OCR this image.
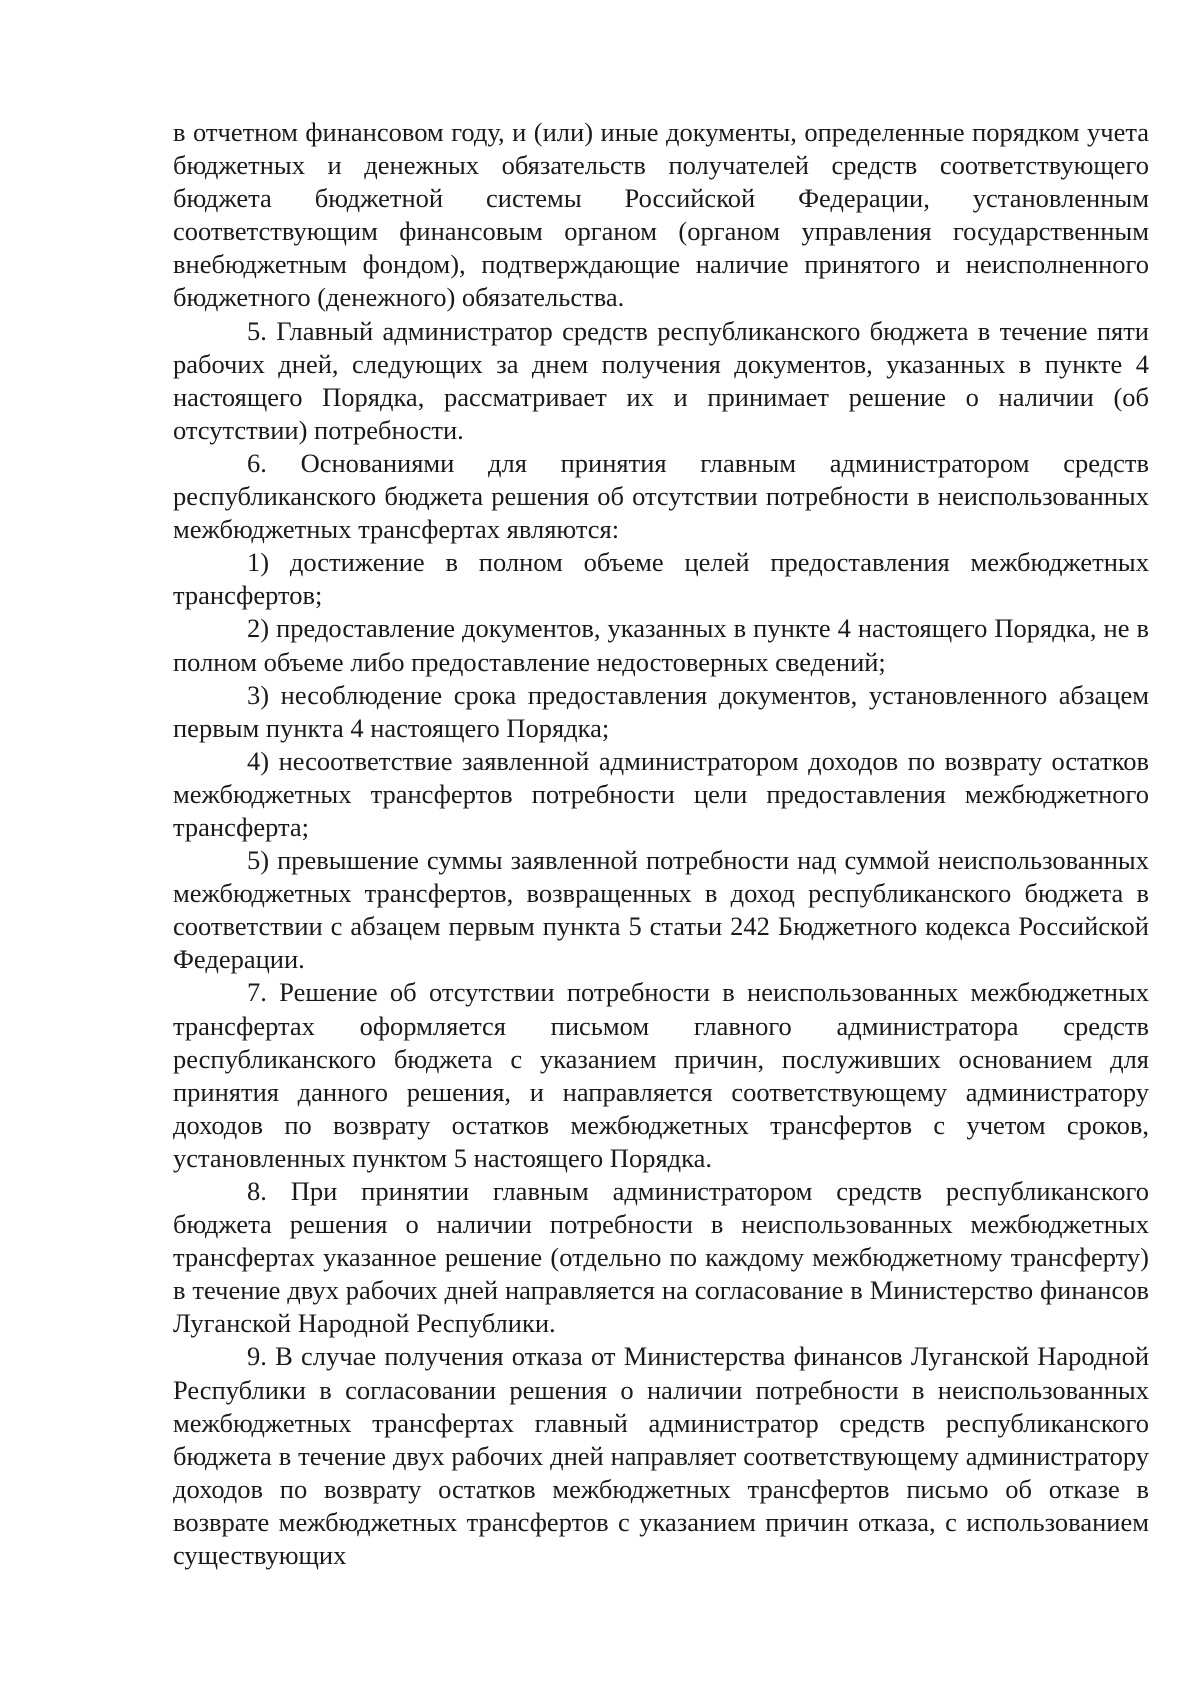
в отчетном финансовом году, и (или) иные документы, определенные порядком учета бюджетных и денежных обязательств получателей средств соответствующего бюджета бюджетной системы Российской Федерации, установленным соответствующим финансовым органом (органом управления государственным внебюджетным фондом), подтверждающие наличие принятого и неисполненного бюджетного (денежного) обязательства.

5. Главный администратор средств республиканского бюджета в течение пяти рабочих дней, следующих за днем получения документов, указанных в пункте 4 настоящего Порядка, рассматривает их и принимает решение о наличии (об отсутствии) потребности.

6. Основаниями для принятия главным администратором средств республиканского бюджета решения об отсутствии потребности в неиспользованных межбюджетных трансфертах являются:

1) достижение в полном объеме целей предоставления межбюджетных трансфертов;

2) предоставление документов, указанных в пункте 4 настоящего Порядка, не в полном объеме либо предоставление недостоверных сведений;

3) несоблюдение срока предоставления документов, установленного абзацем первым пункта 4 настоящего Порядка;

4) несоответствие заявленной администратором доходов по возврату остатков межбюджетных трансфертов потребности цели предоставления межбюджетного трансферта;

5) превышение суммы заявленной потребности над суммой неиспользованных межбюджетных трансфертов, возвращенных в доход республиканского бюджета в соответствии с абзацем первым пункта 5 статьи 242 Бюджетного кодекса Российской Федерации.

7. Решение об отсутствии потребности в неиспользованных межбюджетных трансфертах оформляется письмом главного администратора средств республиканского бюджета с указанием причин, послуживших основанием для принятия данного решения, и направляется соответствующему администратору доходов по возврату остатков межбюджетных трансфертов с учетом сроков, установленных пунктом 5 настоящего Порядка.

8. При принятии главным администратором средств республиканского бюджета решения о наличии потребности в неиспользованных межбюджетных трансфертах указанное решение (отдельно по каждому межбюджетному трансферту) в течение двух рабочих дней направляется на согласование в Министерство финансов Луганской Народной Республики.

9. В случае получения отказа от Министерства финансов Луганской Народной Республики в согласовании решения о наличии потребности в неиспользованных межбюджетных трансфертах главный администратор средств республиканского бюджета в течение двух рабочих дней направляет соответствующему администратору доходов по возврату остатков межбюджетных трансфертов письмо об отказе в возврате межбюджетных трансфертов с указанием причин отказа, с использованием существующих
